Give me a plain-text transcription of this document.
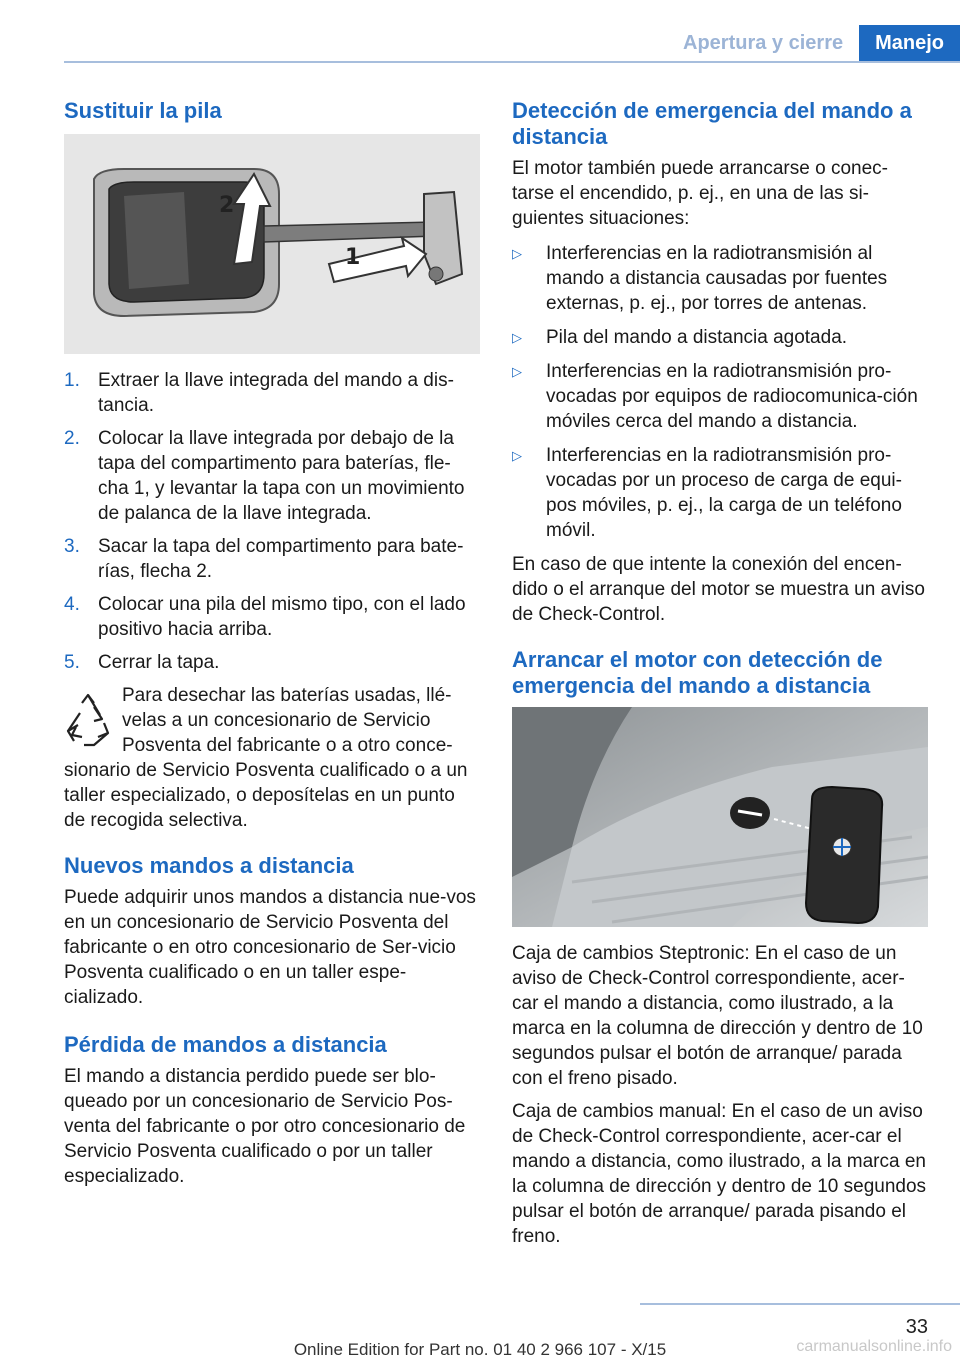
Apertura y cierre	Manejo
Sustituir la pila
1
2
1. Extraer la llave integrada del mando a dis-tancia.
2. Colocar la llave integrada por debajo de la tapa del compartimento para baterías, fle-cha 1, y levantar la tapa con un movimiento de palanca de la llave integrada.
3. Sacar la tapa del compartimento para bate-rías, flecha 2.
4. Colocar una pila del mismo tipo, con el lado positivo hacia arriba.
5. Cerrar la tapa.
Para desechar las baterías usadas, llé-velas a un concesionario de Servicio Posventa del fabricante o a otro conce-sionario de Servicio Posventa cualificado o a un taller especializado, o deposítelas en un punto de recogida selectiva.
Nuevos mandos a distancia

Puede adquirir unos mandos a distancia nue-vos en un concesionario de Servicio Posventa del fabricante o en otro concesionario de Ser-vicio Posventa cualificado o en un taller espe-cializado.

Pérdida de mandos a distancia

El mando a distancia perdido puede ser blo-queado por un concesionario de Servicio Pos-venta del fabricante o por otro concesionario de Servicio Posventa cualificado o por un taller especializado.

Detección de emergencia del mando a distancia

El motor también puede arrancarse o conec-tarse el encendido, p. ej., en una de las si-guientes situaciones:

▷	Interferencias en la radiotransmisión al mando a distancia causadas por fuentes externas, p. ej., por torres de antenas.
▷	Pila del mando a distancia agotada.
▷	Interferencias en la radiotransmisión pro-vocadas por equipos de radiocomunica-ción móviles cerca del mando a distancia.
▷	Interferencias en la radiotransmisión pro-vocadas por un proceso de carga de equi-pos móviles, p. ej., la carga de un teléfono móvil.

En caso de que intente la conexión del encen-dido o el arranque del motor se muestra un aviso de Check-Control.

Arrancar el motor con detección de emergencia del mando a distancia

Caja de cambios Steptronic: En el caso de un aviso de Check-Control correspondiente, acer-car el mando a distancia, como ilustrado, a la marca en la columna de dirección y dentro de 10 segundos pulsar el botón de arranque/ parada con el freno pisado.

Caja de cambios manual: En el caso de un aviso de Check-Control correspondiente, acer-car el mando a distancia, como ilustrado, a la marca en la columna de dirección y dentro de 10 segundos pulsar el botón de arranque/ parada pisando el freno.

33
Online Edition for Part no. 01 40 2 966 107 - X/15	carmanualsonline.info
